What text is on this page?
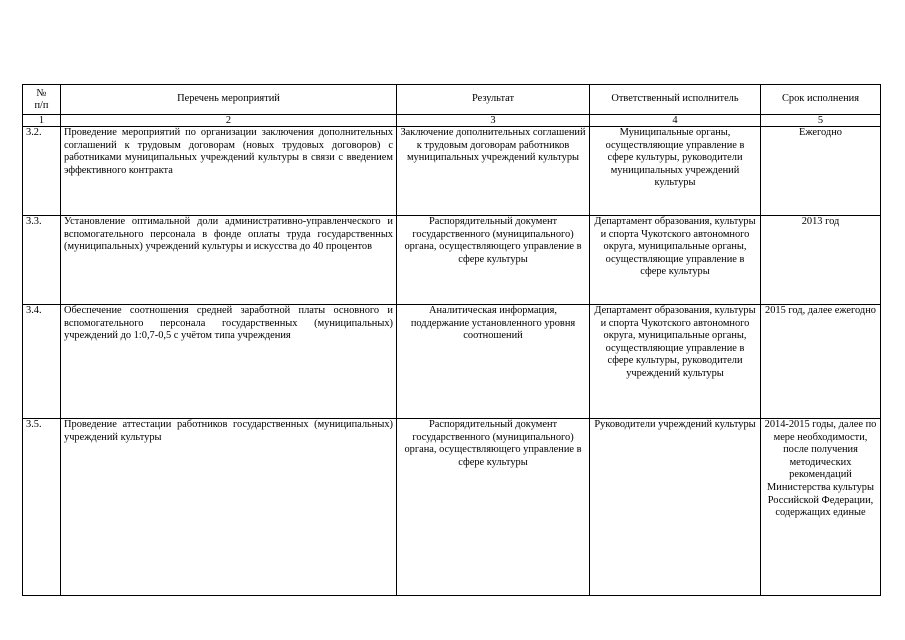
№
п/п	Перечень мероприятий	Результат	Ответственный исполнитель	Срок исполнения
1	2	3	4	5
3.2.	Проведение мероприятий по организации заключения дополнительных соглашений к трудовым договорам (новых трудовых договоров) с работниками муниципальных учреждений культуры в связи с введением эффективного контракта	Заключение дополнительных соглашений к трудовым договорам работников муниципальных учреждений культуры	Муниципальные органы, осуществляющие управление в сфере культуры, руководители муниципальных учреждений культуры	Ежегодно
3.3.	Установление оптимальной доли административно-управленческого и вспомогательного персонала в фонде оплаты труда государственных (муниципальных) учреждений культуры и искусства до 40 процентов	Распорядительный документ государственного (муниципального) органа, осуществляющего управление в сфере культуры	Департамент образования, культуры и спорта Чукотского автономного округа, муниципальные органы, осуществляющие управление в сфере культуры	2013 год
3.4.	Обеспечение соотношения средней заработной платы основного и вспомогательного персонала государственных (муниципальных) учреждений до 1:0,7-0,5 с учётом типа учреждения	Аналитическая информация, поддержание установленного уровня соотношений	Департамент образования, культуры и спорта Чукотского автономного округа, муниципальные органы, осуществляющие управление в сфере культуры, руководители учреждений культуры	2015 год, далее ежегодно
3.5.	Проведение аттестации работников государственных (муниципальных) учреждений культуры	Распорядительный документ государственного (муниципального) органа, осуществляющего управление в сфере культуры	Руководители учреждений культуры	2014-2015 годы, далее по мере необходимости, после получения методических рекомендаций Министерства культуры Российской Федерации, содержащих единые
